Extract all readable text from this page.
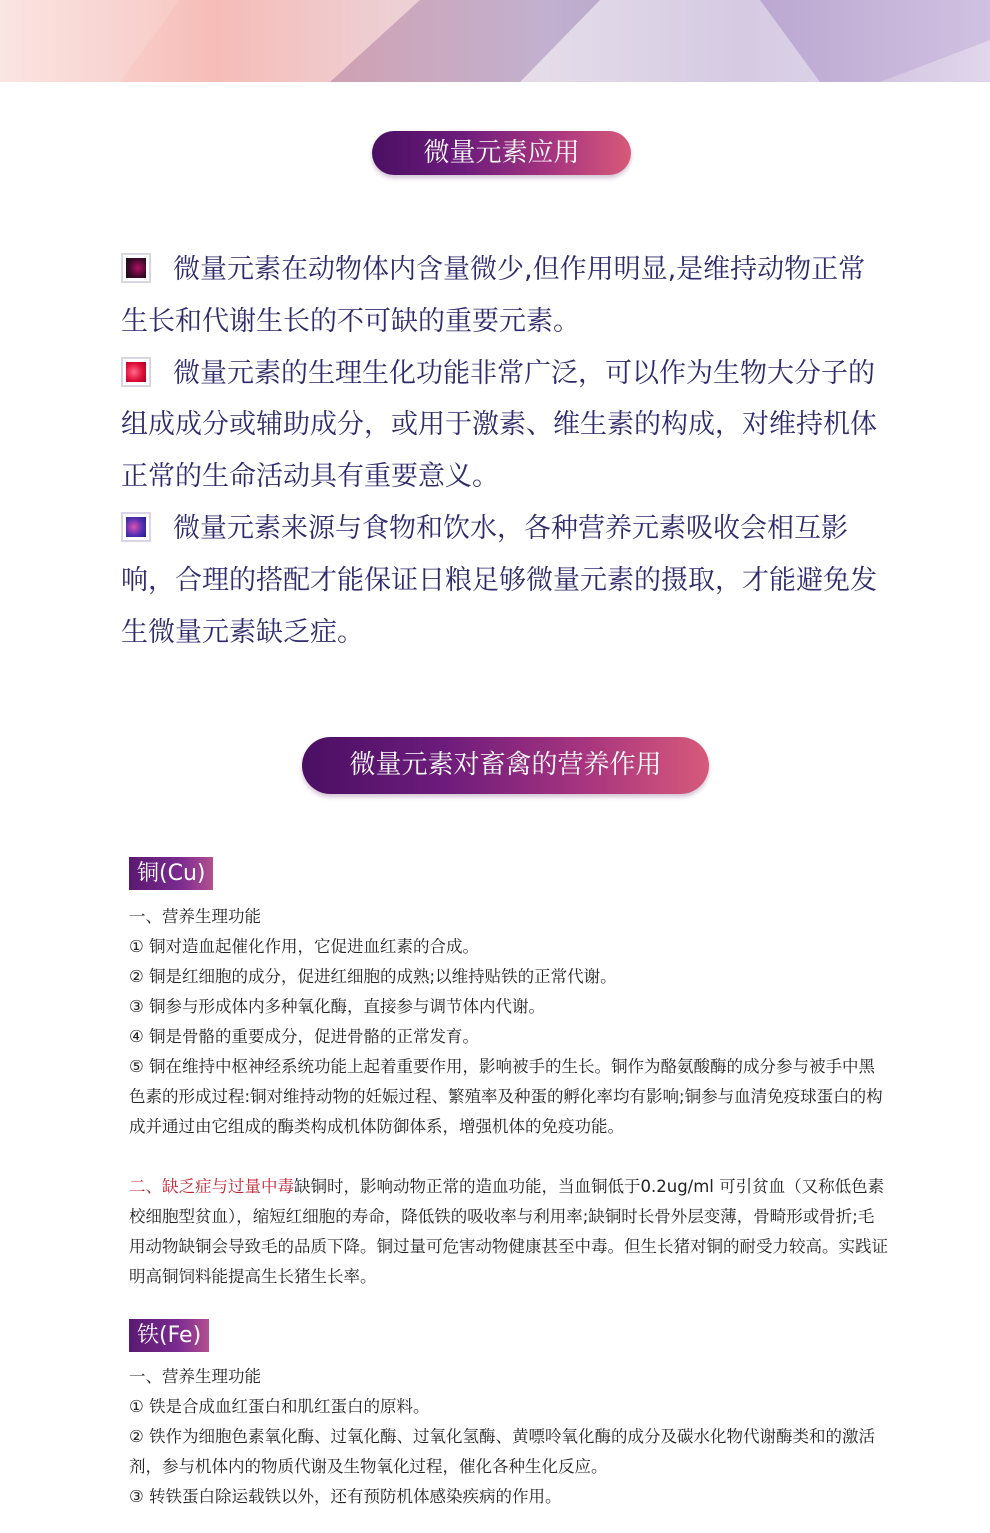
微量元素应用

微量元素在动物体内含量微少,但作用明显,是维持动物正常生长和代谢生长的不可缺的重要元素。

微量元素的生理生化功能非常广泛，可以作为生物大分子的组成成分或辅助成分，或用于激素、维生素的构成，对维持机体正常的生命活动具有重要意义。

微量元素来源与食物和饮水，各种营养元素吸收会相互影响，合理的搭配才能保证日粮足够微量元素的摄取，才能避免发生微量元素缺乏症。

微量元素对畜禽的营养作用
铜(Cu)

一、营养生理功能

① 铜对造血起催化作用，它促进血红素的合成。

② 铜是红细胞的成分，促进红细胞的成熟;以维持贴铁的正常代谢。

③ 铜参与形成体内多种氧化酶，直接参与调节体内代谢。

④ 铜是骨骼的重要成分，促进骨骼的正常发育。

⑤ 铜在维持中枢神经系统功能上起着重要作用，影响被手的生长。铜作为酪氨酸酶的成分参与被手中黑色素的形成过程:铜对维持动物的妊娠过程、繁殖率及种蛋的孵化率均有影响;铜参与血清免疫球蛋白的构成并通过由它组成的酶类构成机体防御体系，增强机体的免疫功能。

二、缺乏症与过量中毒缺铜时，影响动物正常的造血功能，当血铜低于0.2ug/ml 可引贫血（又称低色素校细胞型贫血），缩短红细胞的寿命，降低铁的吸收率与利用率;缺铜时长骨外层变薄，骨畸形或骨折;毛用动物缺铜会导致毛的品质下降。铜过量可危害动物健康甚至中毒。但生长猪对铜的耐受力较高。实践证明高铜饲料能提高生长猪生长率。

铁(Fe)

一、营养生理功能

① 铁是合成血红蛋白和肌红蛋白的原料。

② 铁作为细胞色素氧化酶、过氧化酶、过氧化氢酶、黄嘌呤氧化酶的成分及碳水化物代谢酶类和的激活剂，参与机体内的物质代谢及生物氧化过程，催化各种生化反应。

③ 转铁蛋白除运载铁以外，还有预防机体感染疾病的作用。
